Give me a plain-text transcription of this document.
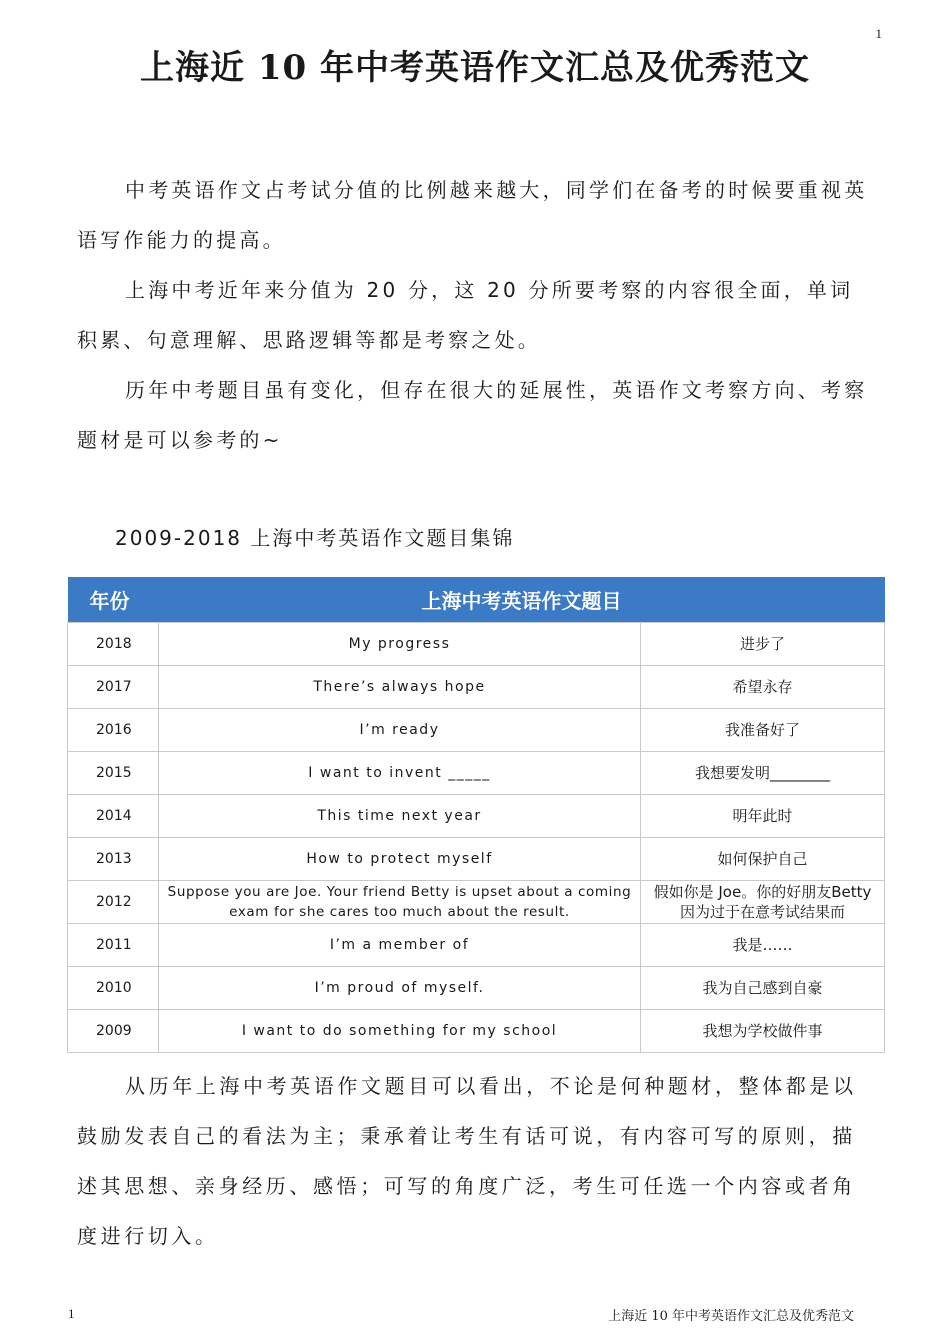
1
上海近 10 年中考英语作文汇总及优秀范文

中考英语作文占考试分值的比例越来越大，同学们在备考的时候要重视英语写作能力的提高。

上海中考近年来分值为 20 分，这 20 分所要考察的内容很全面，单词积累、句意理解、思路逻辑等都是考察之处。

历年中考题目虽有变化，但存在很大的延展性，英语作文考察方向、考察题材是可以参考的~

2009-2018 上海中考英语作文题目集锦

年份	上海中考英语作文题目	
2018	My progress	进步了
2017	There’s always hope	希望永存
2016	I’m ready	我准备好了
2015	I want to invent _____	我想要发明________
2014	This time next year	明年此时
2013	How to protect myself	如何保护自己
2012	Suppose you are Joe. Your friend Betty is upset about a coming exam for she cares too much about the result.	假如你是 Joe。你的好朋友Betty因为过于在意考试结果而
2011	I’m a member of	我是……
2010	I’m proud of myself.	我为自己感到自豪
2009	I want to do something for my school	我想为学校做件事

从历年上海中考英语作文题目可以看出，不论是何种题材，整体都是以鼓励发表自己的看法为主；秉承着让考生有话可说，有内容可写的原则，描述其思想、亲身经历、感悟；可写的角度广泛，考生可任选一个内容或者角度进行切入。

1	上海近 10 年中考英语作文汇总及优秀范文
